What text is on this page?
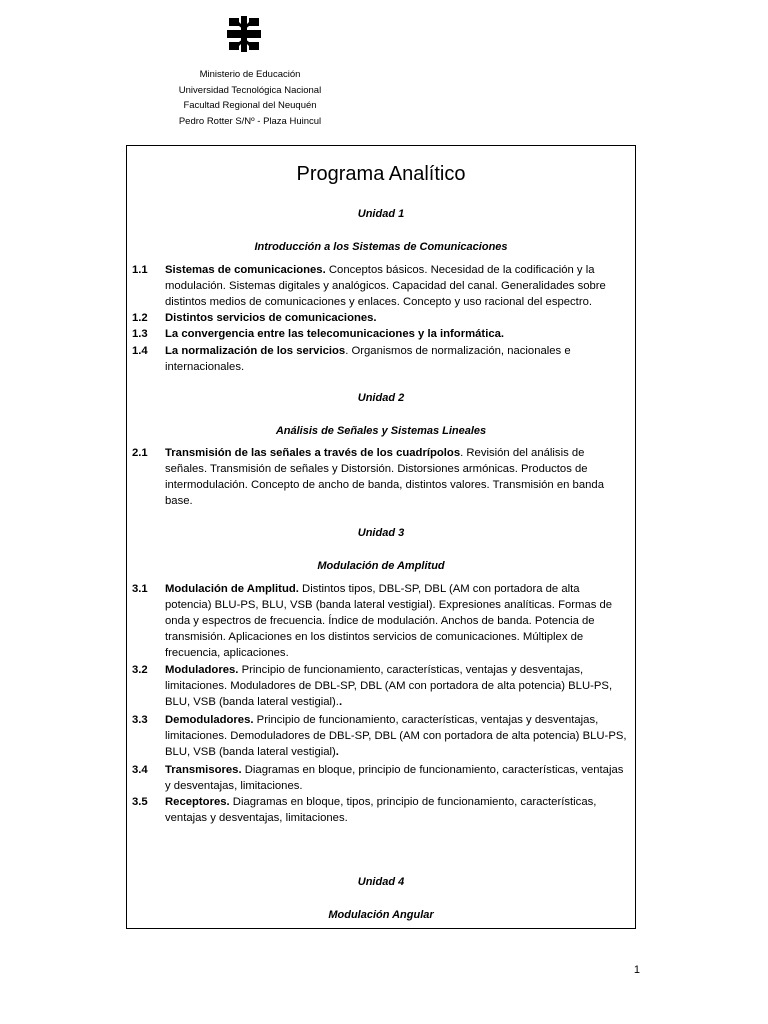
Ministerio de Educación
Universidad Tecnológica Nacional
Facultad Regional del Neuquén
Pedro Rotter S/Nº - Plaza Huincul
Programa Analítico
Unidad 1
Introducción a los Sistemas de Comunicaciones
1.1	Sistemas de comunicaciones. Conceptos básicos. Necesidad de la codificación y la modulación. Sistemas digitales y analógicos. Capacidad del canal. Generalidades sobre distintos medios de comunicaciones y enlaces. Concepto y uso racional del espectro.
1.2	Distintos servicios de comunicaciones.
1.3	La convergencia entre las telecomunicaciones y la informática.
1.4	La normalización de los servicios. Organismos de normalización, nacionales e internacionales.
Unidad 2
Análisis de Señales y Sistemas Lineales
2.1	Transmisión de las señales a través de los cuadrípolos. Revisión del análisis de señales. Transmisión de señales y Distorsión. Distorsiones armónicas. Productos de intermodulación. Concepto de ancho de banda, distintos valores. Transmisión en banda base.
Unidad 3
Modulación de Amplitud
3.1	Modulación de Amplitud. Distintos tipos, DBL-SP, DBL (AM con portadora de alta potencia) BLU-PS, BLU, VSB (banda lateral vestigial). Expresiones analíticas. Formas de onda y espectros de frecuencia. Índice de modulación. Anchos de banda. Potencia de transmisión. Aplicaciones en los distintos servicios de comunicaciones. Múltiplex de frecuencia, aplicaciones.
3.2	Moduladores. Principio de funcionamiento, características, ventajas y desventajas, limitaciones. Moduladores de DBL-SP, DBL (AM con portadora de alta potencia) BLU-PS, BLU, VSB (banda lateral vestigial)..
3.3	Demoduladores. Principio de funcionamiento, características, ventajas y desventajas, limitaciones. Demoduladores de DBL-SP, DBL (AM con portadora de alta potencia) BLU-PS, BLU, VSB (banda lateral vestigial).
3.4	Transmisores. Diagramas en bloque, principio de funcionamiento, características, ventajas y desventajas, limitaciones.
3.5	Receptores. Diagramas en bloque, tipos, principio de funcionamiento, características, ventajas y desventajas, limitaciones.
Unidad 4
Modulación Angular
1
